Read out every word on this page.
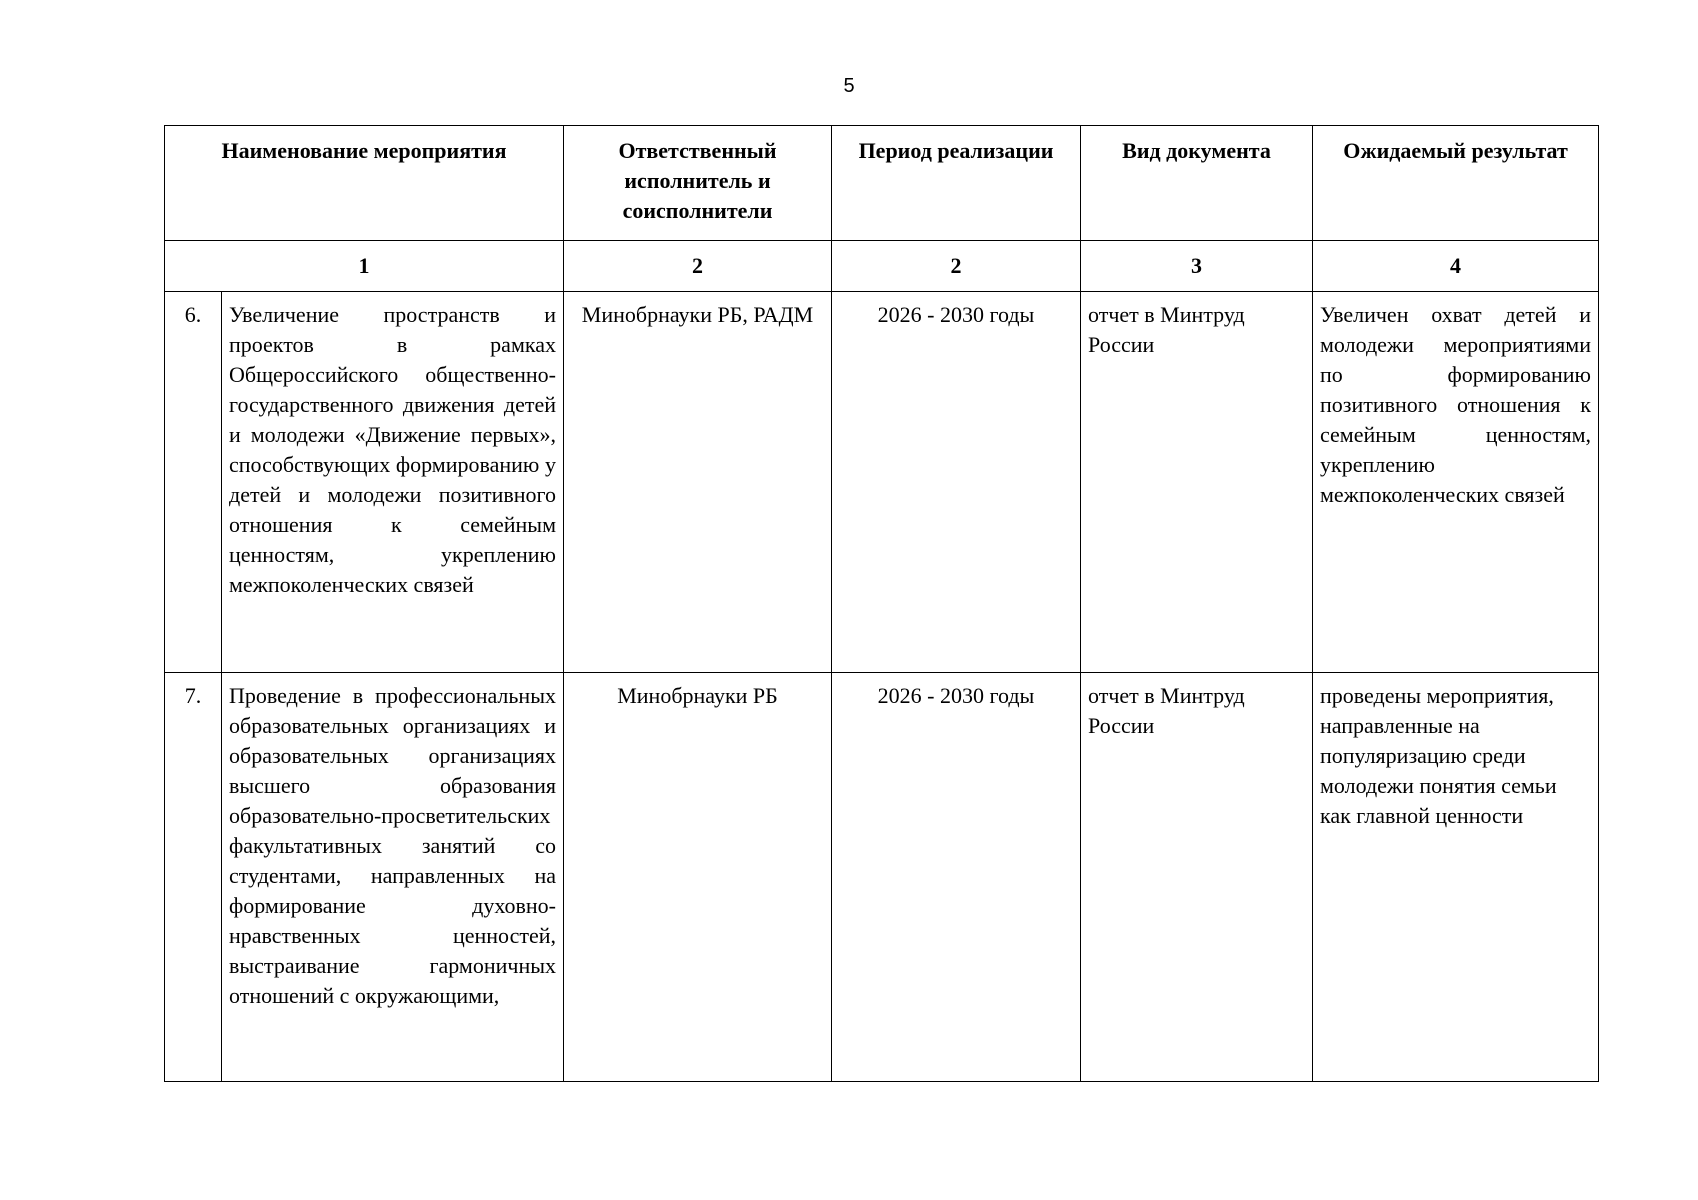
5
Наименование мероприятия		Ответственный исполнитель и соисполнители	Период реализации	Вид документа	Ожидаемый результат
1		2	2	3	4
6.	Увеличение пространств и проектов в рамках Общероссийского общественно-государственного движения детей и молодежи «Движение первых», способствующих формированию у детей и молодежи позитивного отношения к семейным ценностям, укреплению межпоколенческих связей	Минобрнауки РБ, РАДМ	2026 - 2030 годы	отчет в Минтруд России	Увеличен охват детей и молодежи мероприятиями по формированию позитивного отношения к семейным ценностям, укреплению межпоколенческих связей
7.	Проведение в профессиональных образовательных организациях и образовательных организациях высшего образования образовательно-просветительских факультативных занятий со студентами, направленных на формирование духовно-нравственных ценностей, выстраивание гармоничных отношений с окружающими,	Минобрнауки РБ	2026 - 2030 годы	отчет в Минтруд России	проведены мероприятия, направленные на популяризацию среди молодежи понятия семьи как главной ценности
